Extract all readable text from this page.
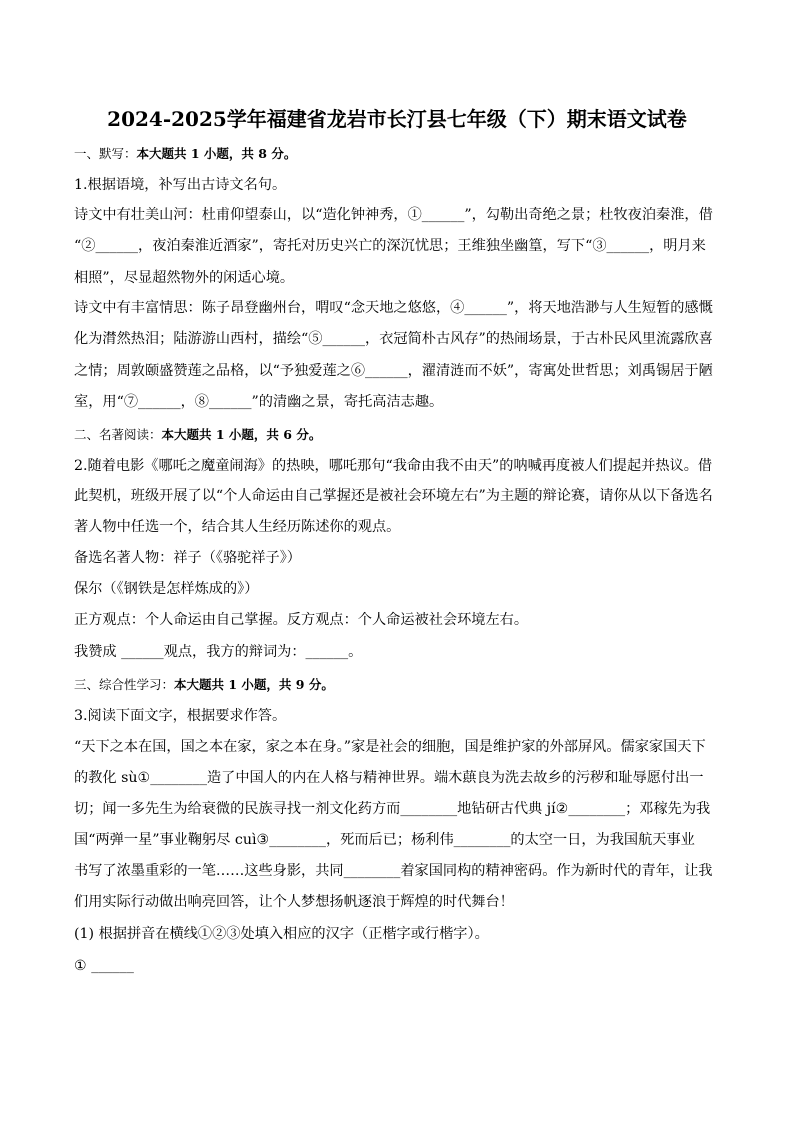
2024-2025学年福建省龙岩市长汀县七年级（下）期末语文试卷
一、默写：本大题共 1 小题，共 8 分。
1.根据语境，补写出古诗文名句。
诗文中有壮美山河：杜甫仰望泰山，以“造化钟神秀，①______”，勾勒出奇绝之景；杜牧夜泊秦淮，借
“②______，夜泊秦淮近酒家”，寄托对历史兴亡的深沉忧思；王维独坐幽篁，写下“③______，明月来
相照”，尽显超然物外的闲适心境。
诗文中有丰富情思：陈子昂登幽州台，喟叹“念天地之悠悠，④______”，将天地浩渺与人生短暂的感慨
化为潸然热泪；陆游游山西村，描绘“⑤______，衣冠简朴古风存”的热闹场景，于古朴民风里流露欣喜
之情；周敦颐盛赞莲之品格，以“予独爱莲之⑥______，濯清涟而不妖”，寄寓处世哲思；刘禹锡居于陋
室，用“⑦______，⑧______”的清幽之景，寄托高洁志趣。
二、名著阅读：本大题共 1 小题，共 6 分。
2.随着电影《哪吒之魔童闹海》的热映，哪吒那句“我命由我不由天”的呐喊再度被人们提起并热议。借
此契机，班级开展了以“个人命运由自己掌握还是被社会环境左右”为主题的辩论赛，请你从以下备选名
著人物中任选一个，结合其人生经历陈述你的观点。
备选名著人物：祥子（《骆驼祥子》）
保尔（《钢铁是怎样炼成的》）
正方观点：个人命运由自己掌握。反方观点：个人命运被社会环境左右。
我赞成 ______观点，我方的辩词为：______。
三、综合性学习：本大题共 1 小题，共 9 分。
3.阅读下面文字，根据要求作答。
“天下之本在国，国之本在家，家之本在身。”家是社会的细胞，国是维护家的外部屏风。儒家家国天下
的教化 sù①________造了中国人的内在人格与精神世界。端木蕻良为洗去故乡的污秽和耻辱愿付出一
切；闻一多先生为给衰微的民族寻找一剂文化药方而________地钻研古代典 jí②________；邓稼先为我
国“两弹一星”事业鞠躬尽 cuì③________，死而后已；杨利伟________的太空一日，为我国航天事业
书写了浓墨重彩的一笔……这些身影，共同________着家国同构的精神密码。作为新时代的青年，让我
们用实际行动做出响亮回答，让个人梦想扬帆逐浪于辉煌的时代舞台！
(1) 根据拼音在横线①②③处填入相应的汉字（正楷字或行楷字）。
① ______
